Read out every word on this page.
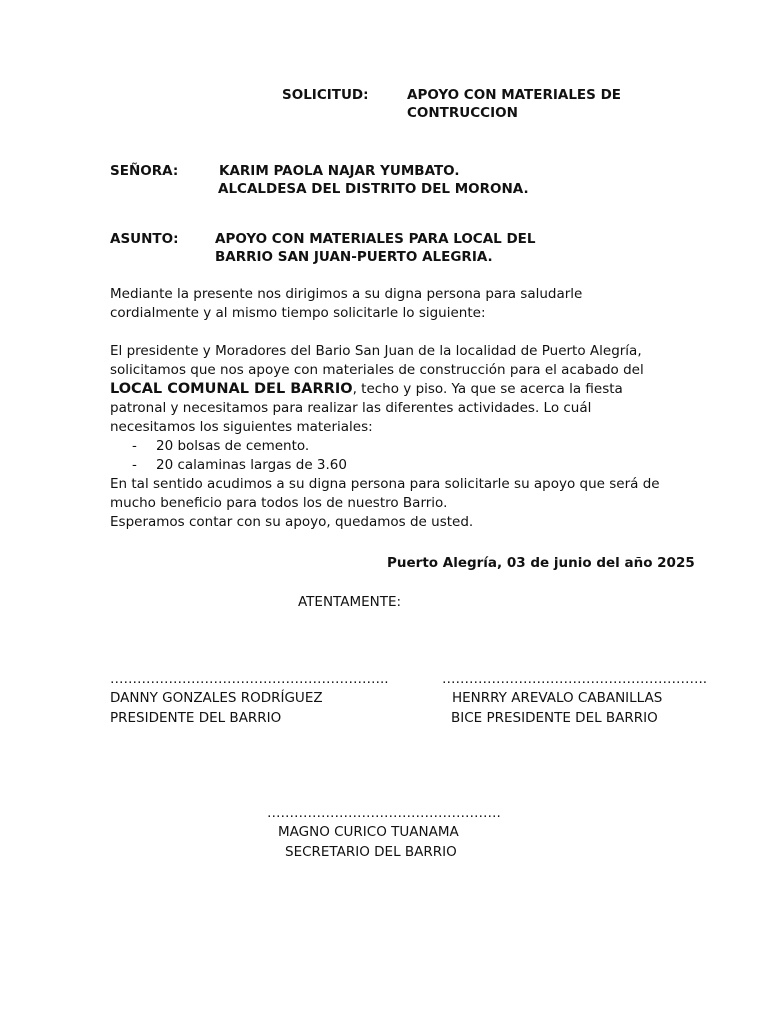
SOLICITUD:	APOYO CON MATERIALES DE
CONTRUCCION
SEÑORA:	KARIM PAOLA NAJAR YUMBATO.
ALCALDESA DEL DISTRITO DEL MORONA.
ASUNTO:	APOYO CON MATERIALES PARA LOCAL DEL
BARRIO SAN JUAN-PUERTO ALEGRIA.

Mediante la presente nos dirigimos a su digna persona para saludarle cordialmente y al mismo tiempo solicitarle lo siguiente:

El presidente y Moradores del Bario San Juan de la localidad de Puerto Alegría, solicitamos que nos apoye con materiales de construcción para el acabado del LOCAL COMUNAL DEL BARRIO, techo y piso. Ya que se acerca la fiesta patronal y necesitamos para realizar las diferentes actividades. Lo cuál necesitamos los siguientes materiales:

- 20 bolsas de cemento.
- 20 calaminas largas de 3.60

En tal sentido acudimos a su digna persona para solicitarle su apoyo que será de mucho beneficio para todos los de nuestro Barrio.

Esperamos contar con su apoyo, quedamos de usted.

Puerto Alegría, 03 de junio del año 2025
ATENTAMENTE:
……………………………………………………..
DANNY GONZALES RODRÍGUEZ
PRESIDENTE DEL BARRIO
…………………………………………………..
HENRRY AREVALO CABANILLAS
BICE PRESIDENTE DEL BARRIO
…………………………………………….
MAGNO CURICO TUANAMA
SECRETARIO DEL BARRIO
